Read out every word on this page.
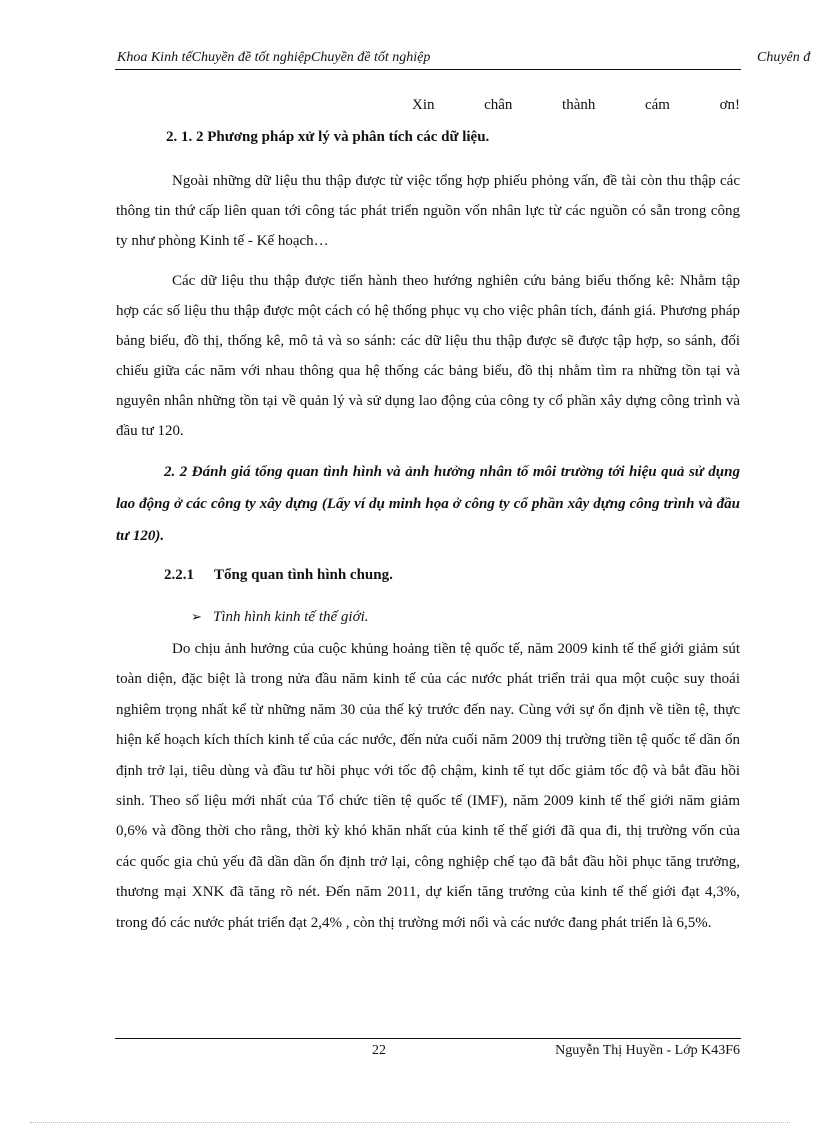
Khoa Kinh tếChuyền đề tốt nghiệpChuyền đề tốt nghiệp	Chuyên đ
Xin	chân	thành	cám	ơn!
2. 1. 2 Phương pháp xử lý và phân tích các dữ liệu.

Ngoài những dữ liệu thu thập được từ việc tổng hợp phiếu phỏng vấn, đề tài còn thu thập các thông tin thứ cấp liên quan tới công tác phát triển nguồn vốn nhân lực từ các nguồn có sẵn trong công ty như phòng Kinh tế - Kế hoạch…

Các dữ liệu thu thập được tiến hành theo hướng nghiên cứu bảng biểu thống kê: Nhằm tập hợp các số liệu thu thập được một cách có hệ thống phục vụ cho việc phân tích, đánh giá. Phương pháp bảng biểu, đồ thị, thống kê, mô tả và so sánh: các dữ liệu thu thập được sẽ được tập hợp, so sánh, đối chiếu giữa các năm với nhau thông qua hệ thống các bảng biểu, đồ thị nhằm tìm ra những tồn tại và nguyên nhân những tồn tại về quản lý và sử dụng lao động của công ty cổ phần xây dựng công trình và đầu tư 120.

2. 2 Đánh giá tổng quan tình hình và ảnh hưởng nhân tố môi trường tới hiệu quả sử dụng lao động ở các công ty xây dựng (Lấy ví dụ minh họa ở công ty cổ phần xây dựng công trình và đầu tư 120).

2.2.1 Tổng quan tình hình chung.
➢ Tình hình kinh tế thế giới.

Do chịu ảnh hưởng của cuộc khủng hoảng tiền tệ quốc tế, năm 2009 kinh tế thế giới giảm sút toàn diện, đặc biệt là trong nửa đầu năm kinh tế của các nước phát triển trải qua một cuộc suy thoái nghiêm trọng nhất kể từ những năm 30 của thế kỷ trước đến nay. Cùng với sự ổn định về tiền tệ, thực hiện kế hoạch kích thích kinh tế của các nước, đến nửa cuối năm 2009 thị trường tiền tệ quốc tế dần ổn định trở lại, tiêu dùng và đầu tư hồi phục với tốc độ chậm, kinh tế tụt dốc giảm tốc độ và bắt đầu hồi sinh. Theo số liệu mới nhất của Tổ chức tiền tệ quốc tế (IMF), năm 2009 kinh tế thế giới năm giảm 0,6% và đồng thời cho rằng, thời kỳ khó khăn nhất của kinh tế thế giới đã qua đi, thị trường vốn của các quốc gia chủ yếu đã dần dần ổn định trở lại, công nghiệp chế tạo đã bắt đầu hồi phục tăng trưởng, thương mại XNK đã tăng rõ nét. Đến năm 2011, dự kiến tăng trưởng của kinh tế thế giới đạt 4,3%, trong đó các nước phát triển đạt 2,4% , còn thị trường mới nổi và các nước đang phát triển là 6,5%.

22	Nguyễn Thị Huyền - Lớp K43F6
